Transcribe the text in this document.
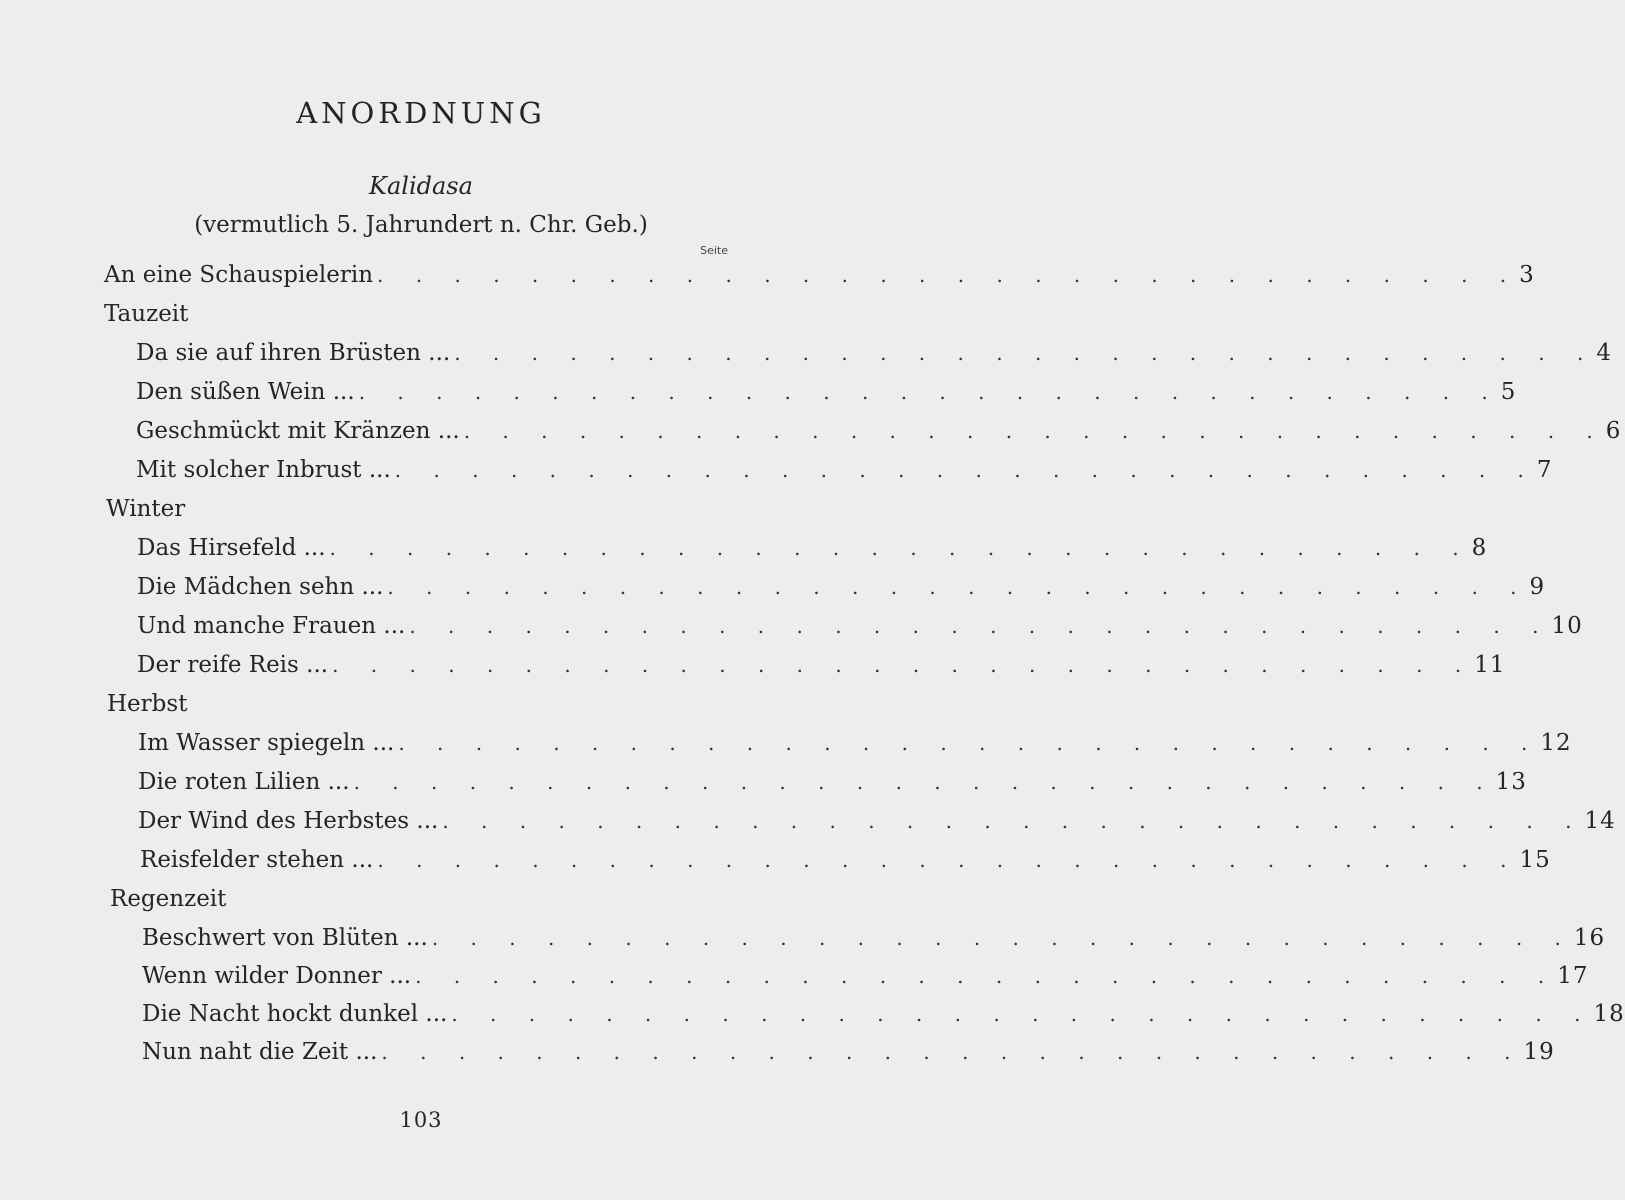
ANORDNUNG
Kalidasa
(vermutlich 5. Jahrundert n. Chr. Geb.)
Seite
An eine Schauspielerin . . . . . . . . . . . . . . . . . . . . . . . . . . . . . . 3
Tauzeit
Da sie auf ihren Brüsten ... . . . . . . . . . . . . . . . . . . . . . . . . . . . . . . 4
Den süßen Wein ... . . . . . . . . . . . . . . . . . . . . . . . . . . . . . . 5
Geschmückt mit Kränzen ... . . . . . . . . . . . . . . . . . . . . . . . . . . . . . . 6
Mit solcher Inbrust ... . . . . . . . . . . . . . . . . . . . . . . . . . . . . . . 7
Winter
Das Hirsefeld ... . . . . . . . . . . . . . . . . . . . . . . . . . . . . . . 8
Die Mädchen sehn ... . . . . . . . . . . . . . . . . . . . . . . . . . . . . . . 9
Und manche Frauen ... . . . . . . . . . . . . . . . . . . . . . . . . . . . . . . 10
Der reife Reis ... . . . . . . . . . . . . . . . . . . . . . . . . . . . . . . 11
Herbst
Im Wasser spiegeln ... . . . . . . . . . . . . . . . . . . . . . . . . . . . . . . 12
Die roten Lilien ... . . . . . . . . . . . . . . . . . . . . . . . . . . . . . . 13
Der Wind des Herbstes ... . . . . . . . . . . . . . . . . . . . . . . . . . . . . . . 14
Reisfelder stehen ... . . . . . . . . . . . . . . . . . . . . . . . . . . . . . . 15
Regenzeit
Beschwert von Blüten ... . . . . . . . . . . . . . . . . . . . . . . . . . . . . . . 16
Wenn wilder Donner ... . . . . . . . . . . . . . . . . . . . . . . . . . . . . . . 17
Die Nacht hockt dunkel ... . . . . . . . . . . . . . . . . . . . . . . . . . . . . . . 18
Nun naht die Zeit ... . . . . . . . . . . . . . . . . . . . . . . . . . . . . . . 19
103
